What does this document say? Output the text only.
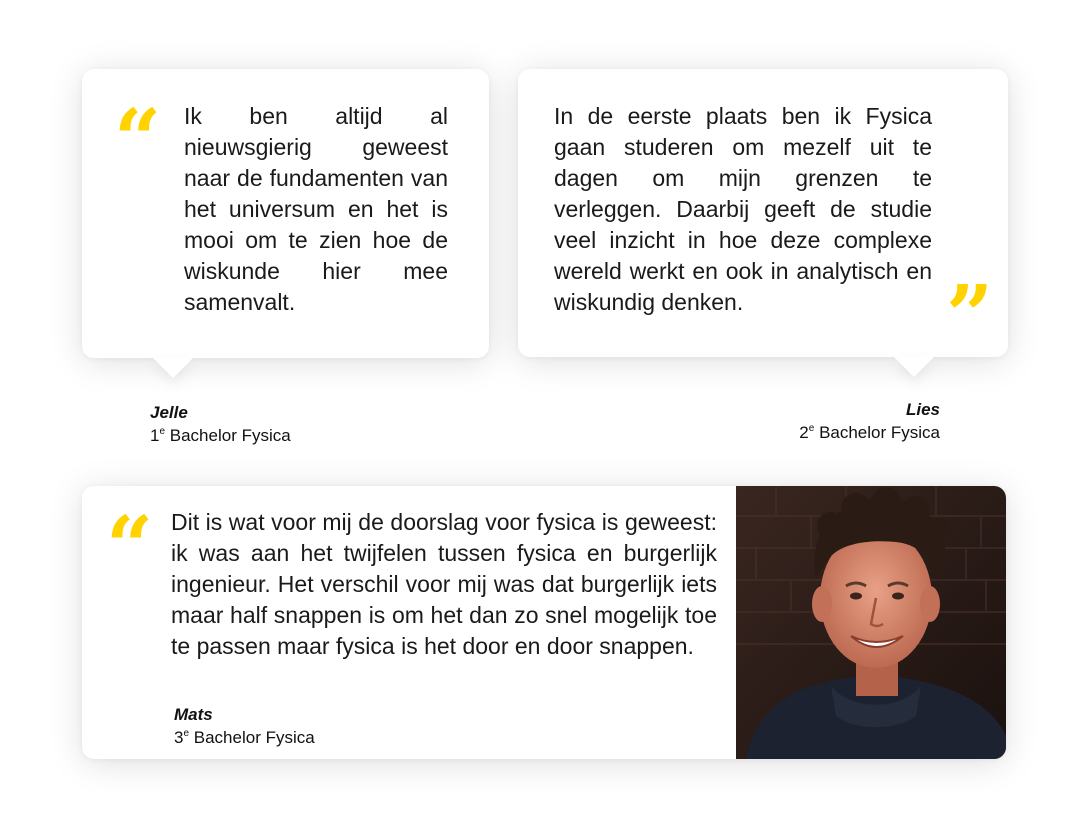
“ Ik ben altijd al nieuwsgierig geweest naar de fundamenten van het universum en het is mooi om te zien hoe de wiskunde hier mee samenvalt.

Jelle
1e Bachelor Fysica

In de eerste plaats ben ik Fysica gaan studeren om mezelf uit te dagen om mijn grenzen te verleggen. Daarbij geeft de studie veel inzicht in hoe deze complexe wereld werkt en ook in analytisch en wiskundig denken.	”
Lies
2e Bachelor Fysica
“ Dit is wat voor mij de doorslag voor fysica is geweest: ik was aan het twijfelen tussen fysica en burgerlijk ingenieur. Het verschil voor mij was dat burgerlijk iets maar half snappen is om het dan zo snel mogelijk toe te passen maar fysica is het door en door snappen.

Mats
3e Bachelor Fysica
